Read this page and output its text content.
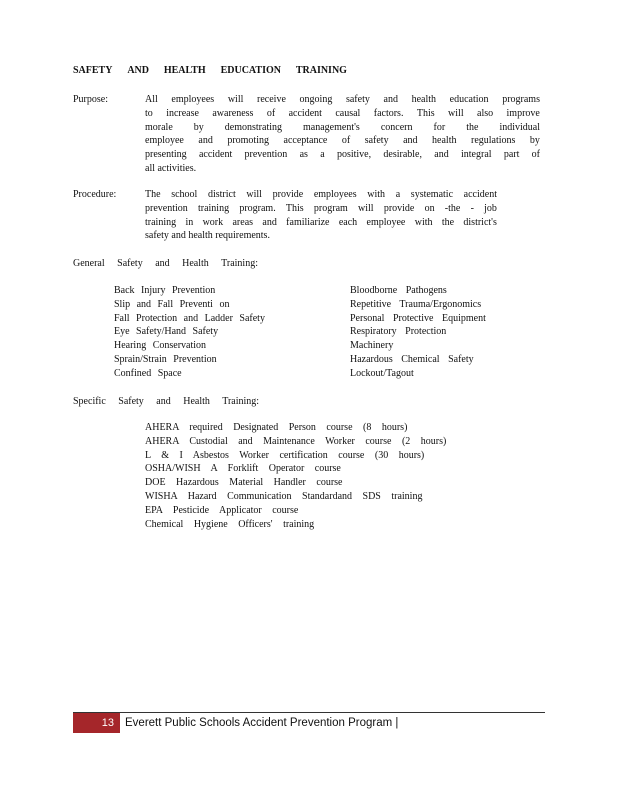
SAFETY AND HEALTH EDUCATION TRAINING
Purpose:	All employees will receive ongoing safety and health education programs
to increase awareness of accident causal factors. This will also improve
morale by demonstrating management's concern for the individual
employee and promoting acceptance of safety and health regulations by
presenting accident prevention as a positive, desirable, and integral part of
all activities.
Procedure:	The school district will provide employees with a systematic accident
prevention training program. This program will provide on -the - job
training in work areas and familiarize each employee with the district's
safety and health requirements.
General Safety and Health Training:
Back Injury Prevention
Slip and Fall Preventi on
Fall Protection and Ladder Safety
Eye Safety/Hand Safety
Hearing Conservation
Sprain/Strain Prevention
Confined Space
Bloodborne Pathogens
Repetitive Trauma/Ergonomics
Personal Protective Equipment
Respiratory Protection
Machinery
Hazardous Chemical Safety
Lockout/Tagout
Specific Safety and Health Training:
AHERA required Designated Person course (8 hours)
AHERA Custodial and Maintenance Worker course (2 hours)
L & I Asbestos Worker certification course (30 hours)
OSHA/WISH A Forklift Operator course
DOE Hazardous Material Handler course
WISHA Hazard Communication Standardand SDS training
EPA Pesticide Applicator course
Chemical Hygiene Officers' training
13 Everett Public Schools Accident Prevention Program |
